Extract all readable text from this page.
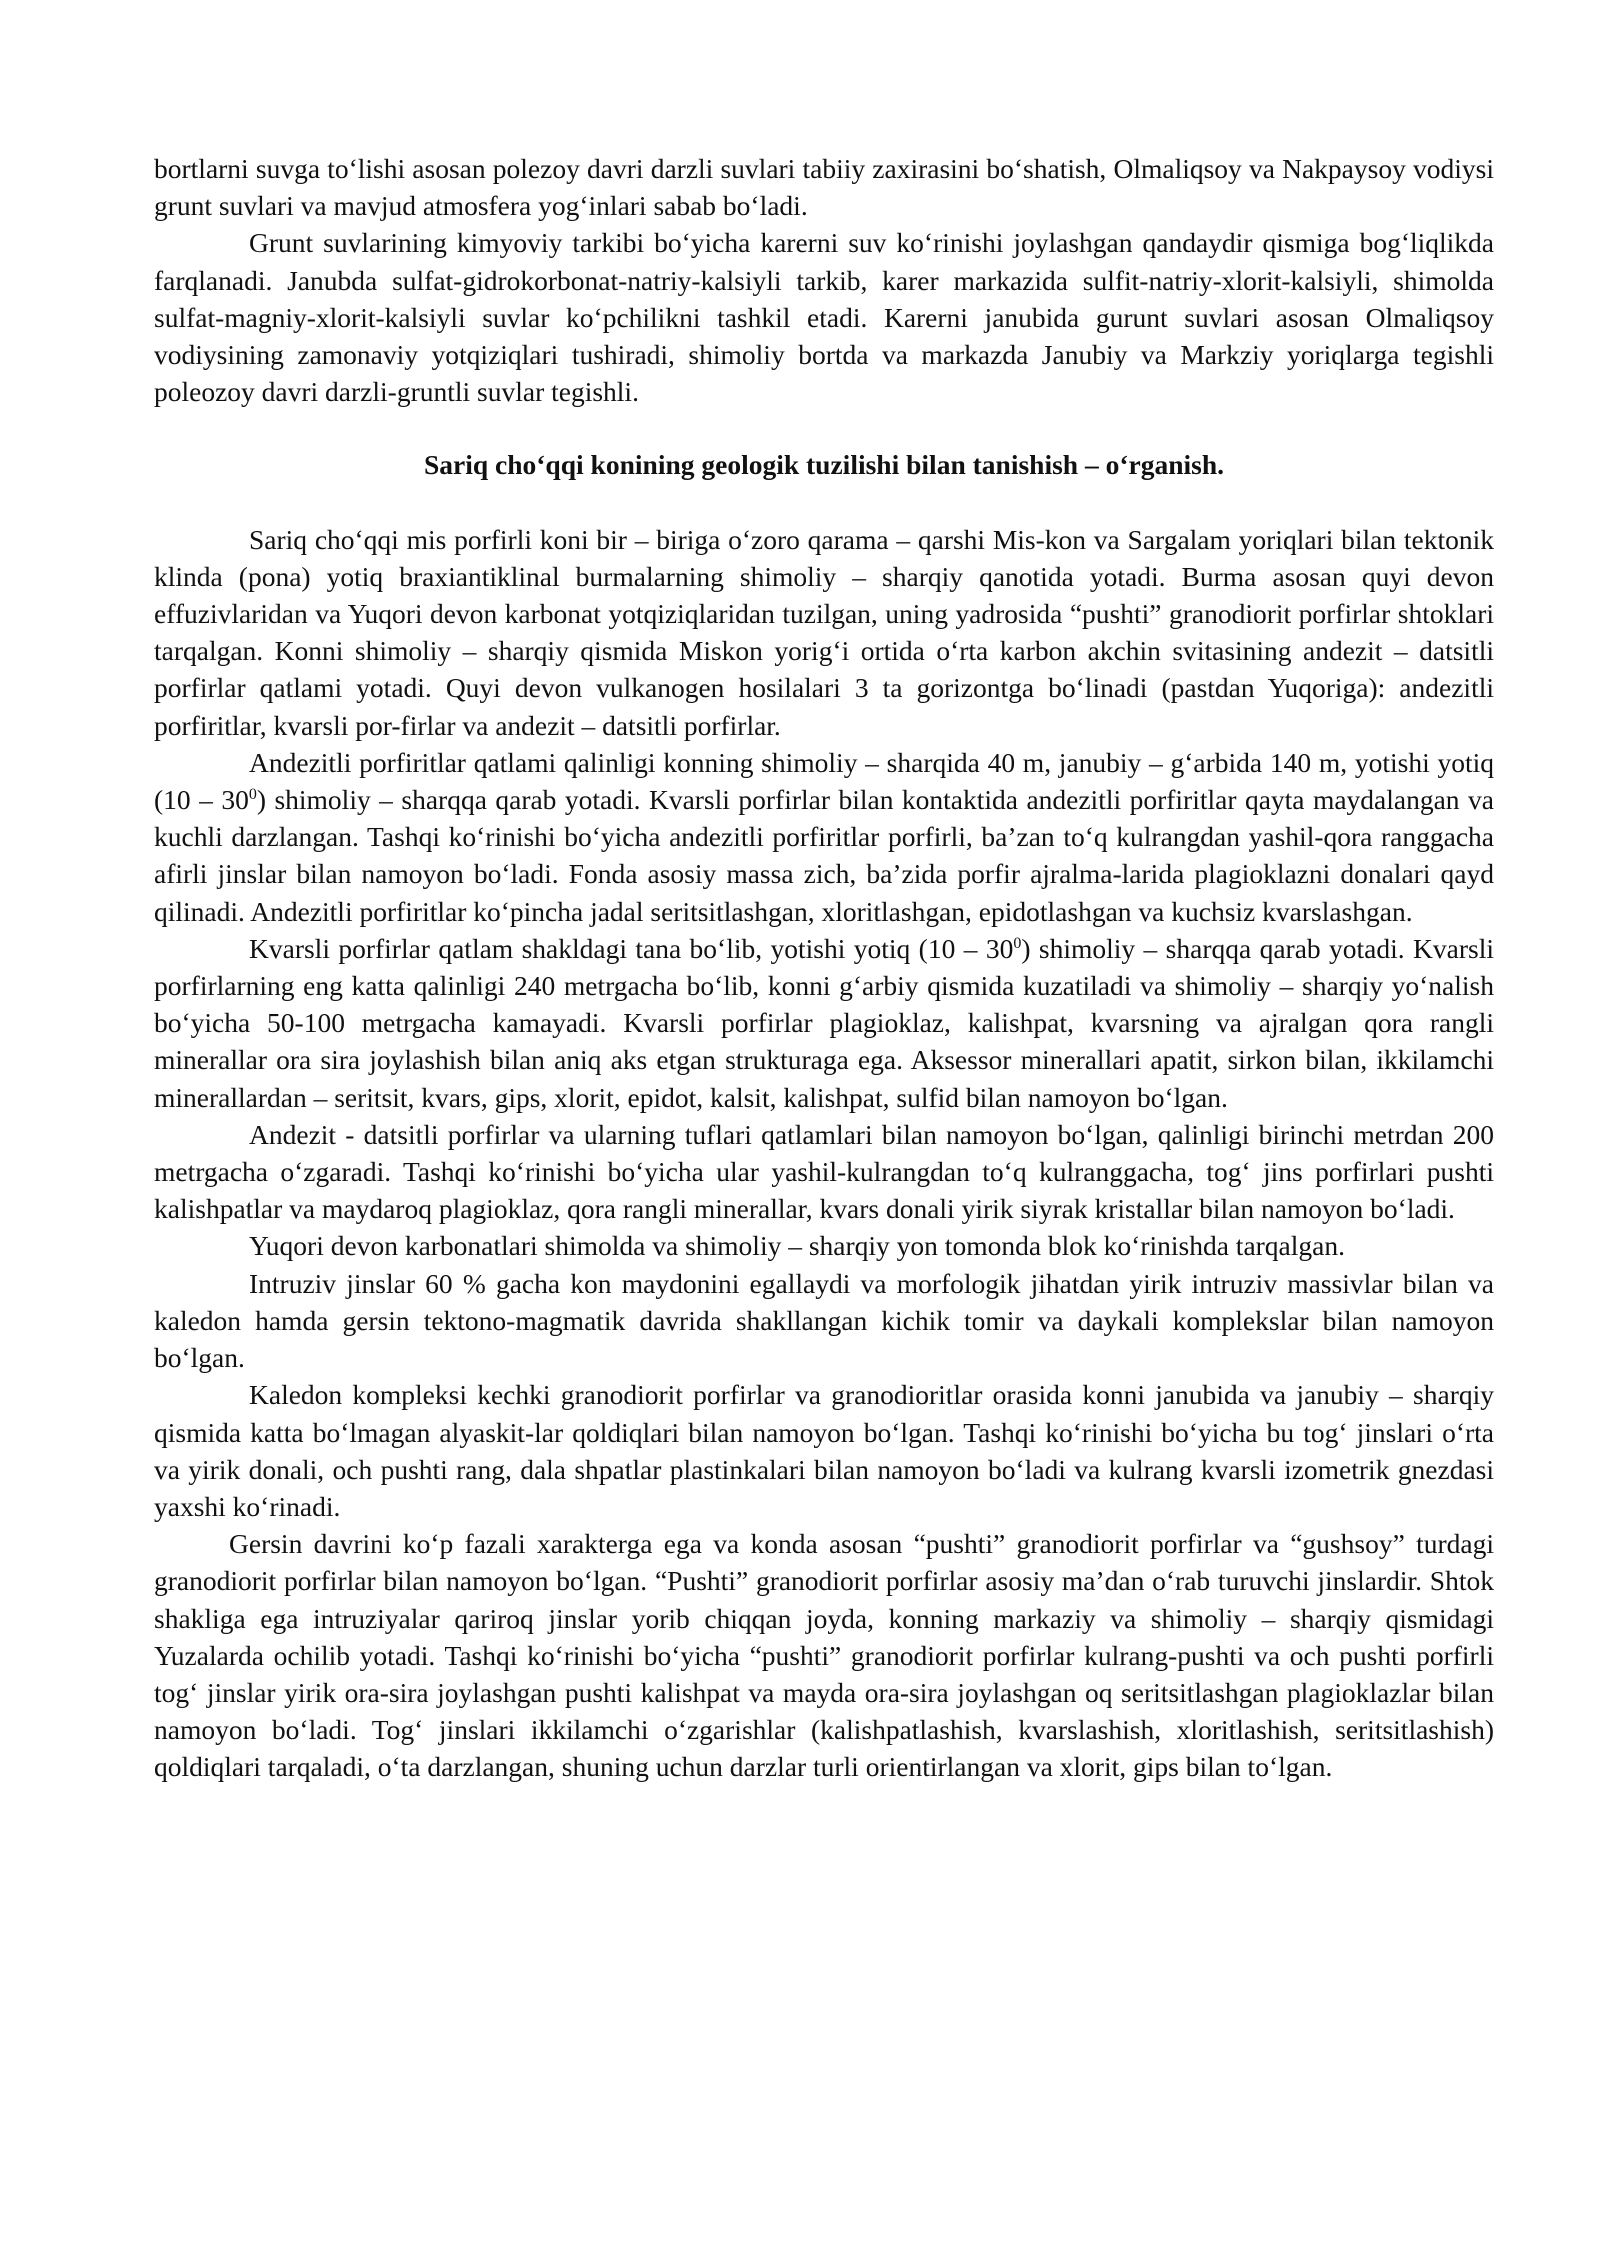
bortlarni suvga to‘lishi asosan polezoy davri darzli suvlari tabiiy zaxirasini bo‘shatish, Olmaliqsoy va Nakpaysoy vodiysi grunt suvlari va mavjud atmosfera yog‘inlari sabab bo‘ladi.

Grunt suvlarining kimyoviy tarkibi bo‘yicha karerni suv ko‘rinishi joylashgan qandaydir qismiga bog‘liqlikda farqlanadi. Janubda sulfat-gidrokorbonat-natriy-kalsiyli tarkib, karer markazida sulfit-natriy-xlorit-kalsiyli, shimolda sulfat-magniy-xlorit-kalsiyli suvlar ko‘pchilikni tashkil etadi. Karerni janubida gurunt suvlari asosan Olmaliqsoy vodiysining zamonaviy yotqiziqlari tushiradi, shimoliy bortda va markazda Janubiy va Markziy yoriqlarga tegishli poleozoy davri darzli-gruntli suvlar tegishli.

Sariq cho‘qqi konining geologik tuzilishi bilan tanishish – o‘rganish.

Sariq cho‘qqi mis porfirli koni bir – biriga o‘zoro qarama – qarshi Mis-kon va Sargalam yoriqlari bilan tektonik klinda (pona) yotiq braxiantiklinal burmalarning shimoliy – sharqiy qanotida yotadi. Burma asosan quyi devon effuzivlaridan va Yuqori devon karbonat yotqiziqlaridan tuzilgan, uning yadrosida “pushti” granodiorit porfirlar shtoklari tarqalgan. Konni shimoliy – sharqiy qismida Miskon yorig‘i ortida o‘rta karbon akchin svitasining andezit – datsitli porfirlar qatlami yotadi. Quyi devon vulkanogen hosilalari 3 ta gorizontga bo‘linadi (pastdan Yuqoriga): andezitli porfiritlar, kvarsli por-firlar va andezit – datsitli porfirlar.

Andezitli porfiritlar qatlami qalinligi konning shimoliy – sharqida 40 m, janubiy – g‘arbida 140 m, yotishi yotiq $(10 - 30^0)$ shimoliy – sharqqa qarab yotadi. Kvarsli porfirlar bilan kontaktida andezitli porfiritlar qayta maydalangan va kuchli darzlangan. Tashqi ko‘rinishi bo‘yicha andezitli porfiritlar porfirli, ba’zan to‘q kulrangdan yashil-qora ranggacha afirli jinslar bilan namoyon bo‘ladi. Fonda asosiy massa zich, ba’zida porfir ajralma-larida plagioklazni donalari qayd qilinadi. Andezitli porfiritlar ko‘pincha jadal seritsitlashgan, xloritlashgan, epidotlashgan va kuchsiz kvarslashgan.

Kvarsli porfirlar qatlam shakldagi tana bo‘lib, yotishi yotiq $(10 - 30^0)$ shimoliy – sharqqa qarab yotadi. Kvarsli porfirlarning eng katta qalinligi 240 metrgacha bo‘lib, konni g‘arbiy qismida kuzatiladi va shimoliy – sharqiy yo‘nalish bo‘yicha 50-100 metrgacha kamayadi. Kvarsli porfirlar plagioklaz, kalishpat, kvarsning va ajralgan qora rangli minerallar ora sira joylashish bilan aniq aks etgan strukturaga ega. Aksessor minerallari apatit, sirkon bilan, ikkilamchi minerallardan – seritsit, kvars, gips, xlorit, epidot, kalsit, kalishpat, sulfid bilan namoyon bo‘lgan.

Andezit - datsitli porfirlar va ularning tuflari qatlamlari bilan namoyon bo‘lgan, qalinligi birinchi metrdan 200 metrgacha o‘zgaradi. Tashqi ko‘rinishi bo‘yicha ular yashil-kulrangdan to‘q kulranggacha, tog‘ jins porfirlari pushti kalishpatlar va maydaroq plagioklaz, qora rangli minerallar, kvars donali yirik siyrak kristallar bilan namoyon bo‘ladi.

Yuqori devon karbonatlari shimolda va shimoliy – sharqiy yon tomonda blok ko‘rinishda tarqalgan.

Intruziv jinslar 60 % gacha kon maydonini egallaydi va morfologik jihatdan yirik intruziv massivlar bilan va kaledon hamda gersin tektono-magmatik davrida shakllangan kichik tomir va daykali komplekslar bilan namoyon bo‘lgan.

Kaledon kompleksi kechki granodiorit porfirlar va granodioritlar orasida konni janubida va janubiy – sharqiy qismida katta bo‘lmagan alyaskit-lar qoldiqlari bilan namoyon bo‘lgan. Tashqi ko‘rinishi bo‘yicha bu tog‘ jinslari o‘rta va yirik donali, och pushti rang, dala shpatlar plastinkalari bilan namoyon bo‘ladi va kulrang kvarsli izometrik gnezdasi yaxshi ko‘rinadi.

Gersin davrini ko‘p fazali xarakterga ega va konda asosan “pushti” granodiorit porfirlar va “gushsoy” turdagi granodiorit porfirlar bilan namoyon bo‘lgan. “Pushti” granodiorit porfirlar asosiy ma’dan o‘rab turuvchi jinslardir. Shtok shakliga ega intruziyalar qariroq jinslar yorib chiqqan joyda, konning markaziy va shimoliy – sharqiy qismidagi Yuzalarda ochilib yotadi. Tashqi ko‘rinishi bo‘yicha “pushti” granodiorit porfirlar kulrang-pushti va och pushti porfirli tog‘ jinslar yirik ora-sira joylashgan pushti kalishpat va mayda ora-sira joylashgan oq seritsitlashgan plagioklazlar bilan namoyon bo‘ladi. Tog‘ jinslari ikkilamchi o‘zgarishlar (kalishpatlashish, kvarslashish, xloritlashish, seritsitlashish) qoldiqlari tarqaladi, o‘ta darzlangan, shuning uchun darzlar turli orientirlangan va xlorit, gips bilan to‘lgan.
